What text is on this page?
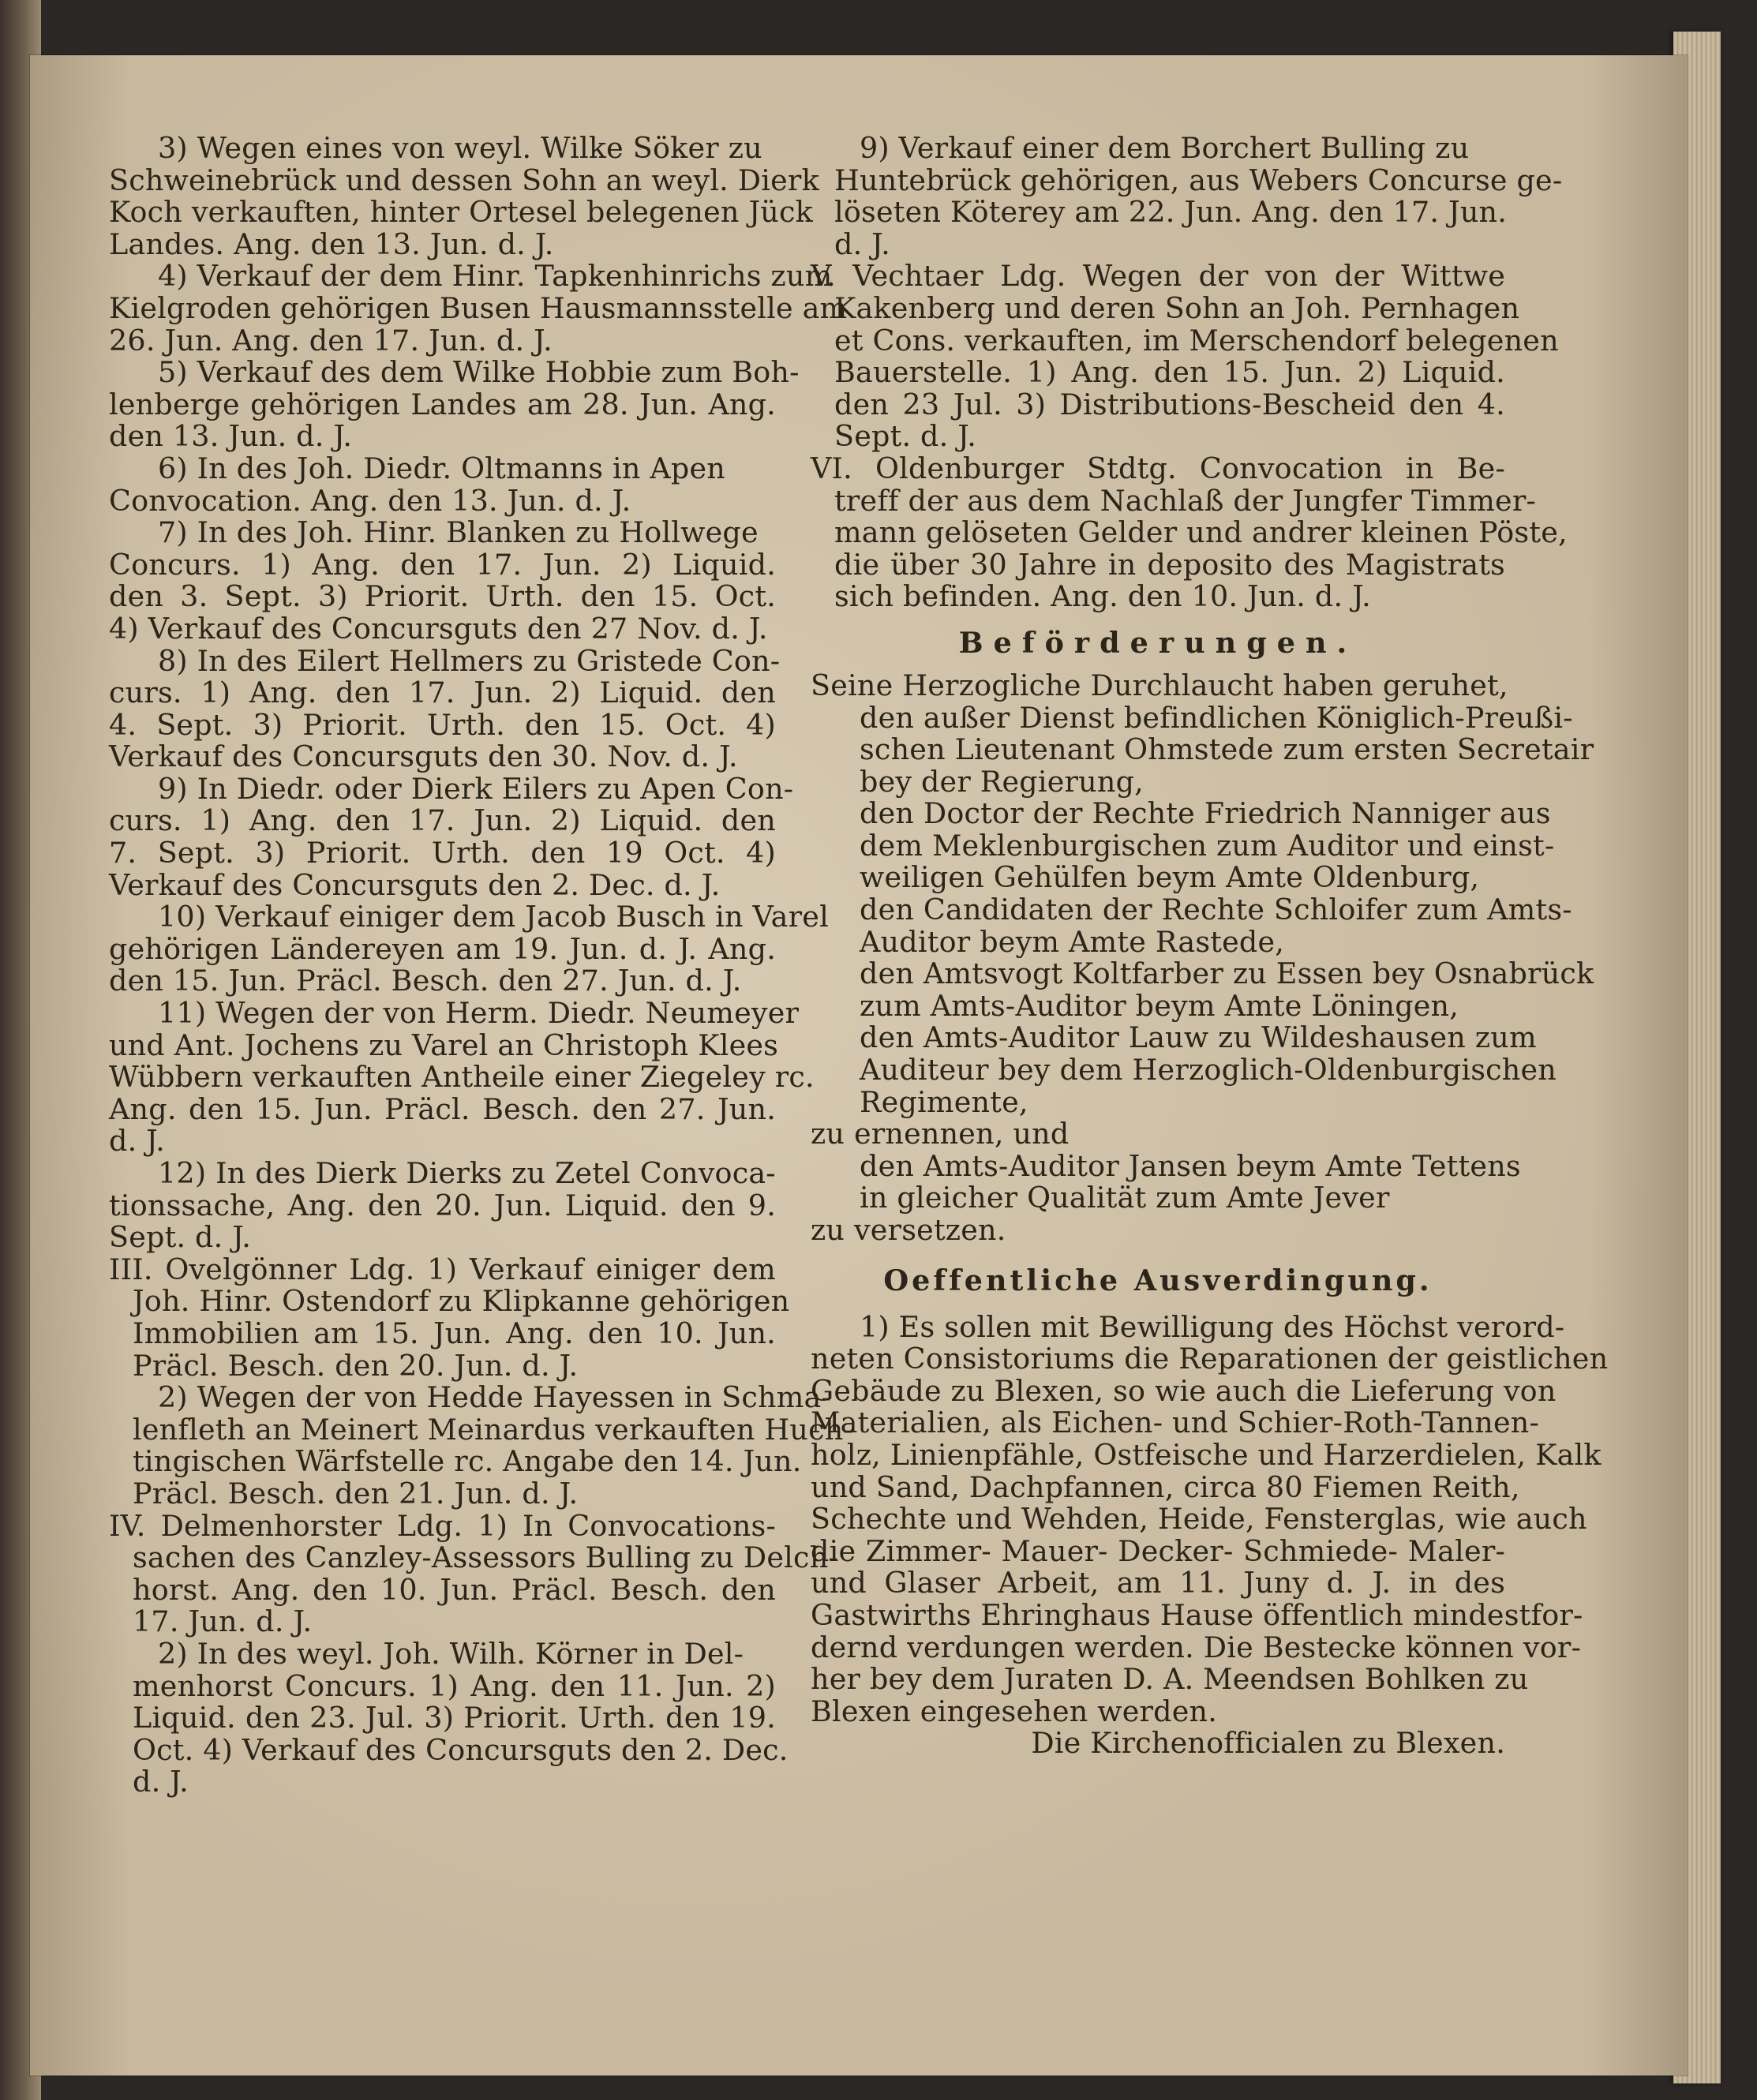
3) Wegen eines von weyl. Wilke Söker zu
Schweinebrück und dessen Sohn an weyl. Dierk
Koch verkauften, hinter Ortesel belegenen Jück
Landes. Ang. den 13. Jun. d. J.
4) Verkauf der dem Hinr. Tapkenhinrichs zum
Kielgroden gehörigen Busen Hausmannsstelle am
26. Jun. Ang. den 17. Jun. d. J.
5) Verkauf des dem Wilke Hobbie zum Boh-
lenberge gehörigen Landes am 28. Jun. Ang.
den 13. Jun. d. J.
6) In des Joh. Diedr. Oltmanns in Apen
Convocation. Ang. den 13. Jun. d. J.
7) In des Joh. Hinr. Blanken zu Hollwege
Concurs. 1) Ang. den 17. Jun. 2) Liquid.
den 3. Sept. 3) Priorit. Urth. den 15. Oct.
4) Verkauf des Concursguts den 27 Nov. d. J.
8) In des Eilert Hellmers zu Gristede Con-
curs. 1) Ang. den 17. Jun. 2) Liquid. den
4. Sept. 3) Priorit. Urth. den 15. Oct. 4)
Verkauf des Concursguts den 30. Nov. d. J.
9) In Diedr. oder Dierk Eilers zu Apen Con-
curs. 1) Ang. den 17. Jun. 2) Liquid. den
7. Sept. 3) Priorit. Urth. den 19 Oct. 4)
Verkauf des Concursguts den 2. Dec. d. J.
10) Verkauf einiger dem Jacob Busch in Varel
gehörigen Ländereyen am 19. Jun. d. J. Ang.
den 15. Jun. Präcl. Besch. den 27. Jun. d. J.
11) Wegen der von Herm. Diedr. Neumeyer
und Ant. Jochens zu Varel an Christoph Klees
Wübbern verkauften Antheile einer Ziegeley rc.
Ang. den 15. Jun. Präcl. Besch. den 27. Jun.
d. J.
12) In des Dierk Dierks zu Zetel Convoca-
tionssache, Ang. den 20. Jun. Liquid. den 9.
Sept. d. J.
III. Ovelgönner Ldg. 1) Verkauf einiger dem
Joh. Hinr. Ostendorf zu Klipkanne gehörigen
Immobilien am 15. Jun. Ang. den 10. Jun.
Präcl. Besch. den 20. Jun. d. J.
2) Wegen der von Hedde Hayessen in Schma-
lenfleth an Meinert Meinardus verkauften Huch-
tingischen Wärfstelle rc. Angabe den 14. Jun.
Präcl. Besch. den 21. Jun. d. J.
IV. Delmenhorster Ldg. 1) In Convocations-
sachen des Canzley-Assessors Bulling zu Delch-
horst. Ang. den 10. Jun. Präcl. Besch. den
17. Jun. d. J.
2) In des weyl. Joh. Wilh. Körner in Del-
menhorst Concurs. 1) Ang. den 11. Jun. 2)
Liquid. den 23. Jul. 3) Priorit. Urth. den 19.
Oct. 4) Verkauf des Concursguts den 2. Dec.
d. J.
9) Verkauf einer dem Borchert Bulling zu
Huntebrück gehörigen, aus Webers Concurse ge-
löseten Köterey am 22. Jun. Ang. den 17. Jun.
d. J.
V. Vechtaer Ldg. Wegen der von der Wittwe
Kakenberg und deren Sohn an Joh. Pernhagen
et Cons. verkauften, im Merschendorf belegenen
Bauerstelle. 1) Ang. den 15. Jun. 2) Liquid.
den 23 Jul. 3) Distributions-Bescheid den 4.
Sept. d. J.
VI. Oldenburger Stdtg. Convocation in Be-
treff der aus dem Nachlaß der Jungfer Timmer-
mann gelöseten Gelder und andrer kleinen Pöste,
die über 30 Jahre in deposito des Magistrats
sich befinden. Ang. den 10. Jun. d. J.
Beförderungen.
Seine Herzogliche Durchlaucht haben geruhet,
den außer Dienst befindlichen Königlich-Preußi-
schen Lieutenant Ohmstede zum ersten Secretair
bey der Regierung,
den Doctor der Rechte Friedrich Nanniger aus
dem Meklenburgischen zum Auditor und einst-
weiligen Gehülfen beym Amte Oldenburg,
den Candidaten der Rechte Schloifer zum Amts-
Auditor beym Amte Rastede,
den Amtsvogt Koltfarber zu Essen bey Osnabrück
zum Amts-Auditor beym Amte Löningen,
den Amts-Auditor Lauw zu Wildeshausen zum
Auditeur bey dem Herzoglich-Oldenburgischen
Regimente,
zu ernennen, und
den Amts-Auditor Jansen beym Amte Tettens
in gleicher Qualität zum Amte Jever
zu versetzen.
Oeffentliche Ausverdingung.
1) Es sollen mit Bewilligung des Höchst verord-
neten Consistoriums die Reparationen der geistlichen
Gebäude zu Blexen, so wie auch die Lieferung von
Materialien, als Eichen- und Schier-Roth-Tannen-
holz, Linienpfähle, Ostfeische und Harzerdielen, Kalk
und Sand, Dachpfannen, circa 80 Fiemen Reith,
Schechte und Wehden, Heide, Fensterglas, wie auch
die Zimmer- Mauer- Decker- Schmiede- Maler-
und Glaser Arbeit, am 11. Juny d. J. in des
Gastwirths Ehringhaus Hause öffentlich mindestfor-
dernd verdungen werden. Die Bestecke können vor-
her bey dem Juraten D. A. Meendsen Bohlken zu
Blexen eingesehen werden.
Die Kirchenofficialen zu Blexen.
